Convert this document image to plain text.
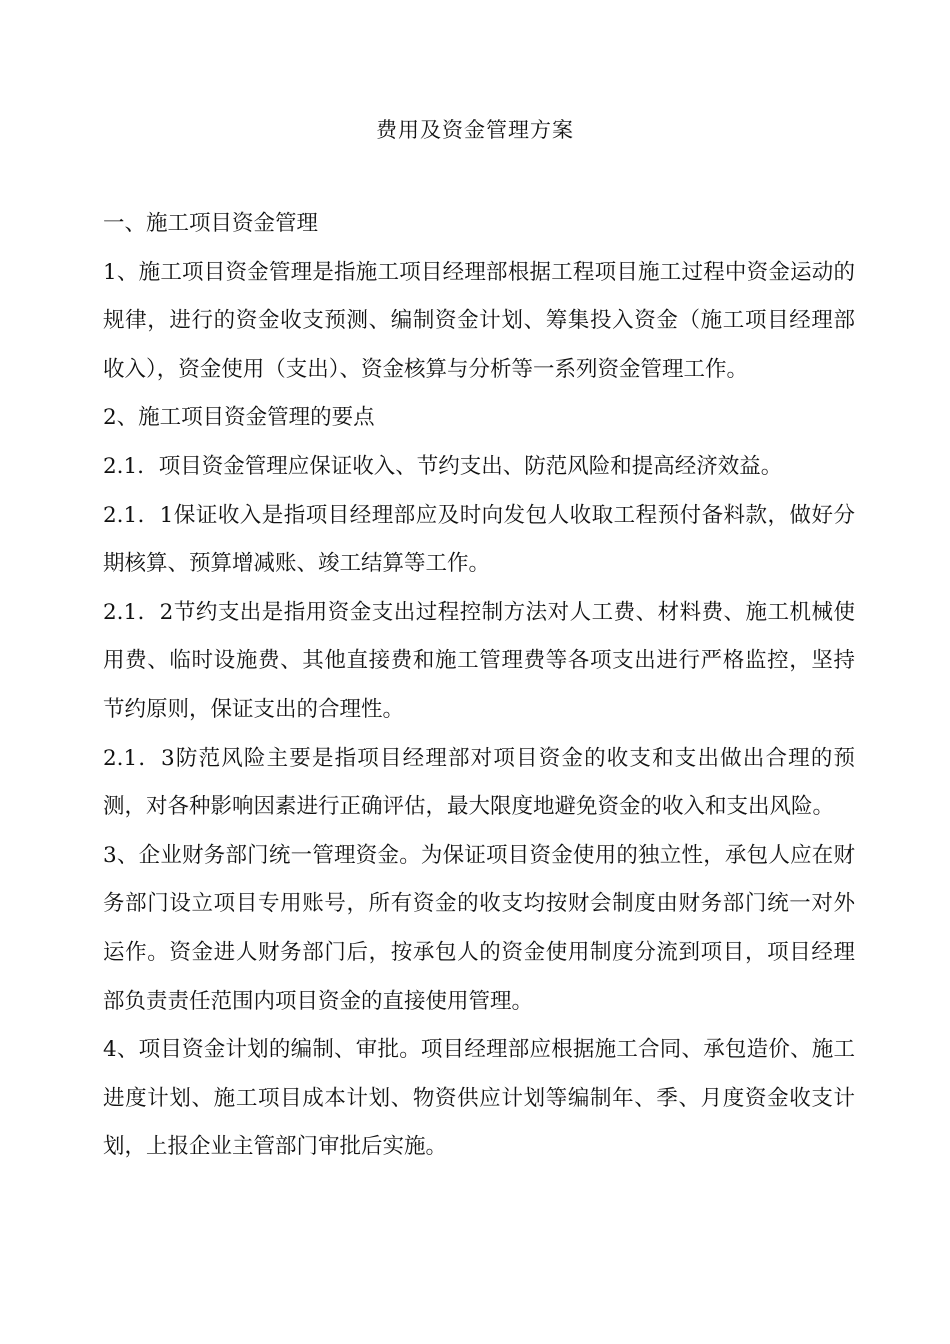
费用及资金管理方案

一、施工项目资金管理

1、施工项目资金管理是指施工项目经理部根据工程项目施工过程中资金运动的规律，进行的资金收支预测、编制资金计划、筹集投入资金（施工项目经理部收入），资金使用（支出）、资金核算与分析等一系列资金管理工作。

2、施工项目资金管理的要点

2.1．项目资金管理应保证收入、节约支出、防范风险和提高经济效益。

2.1．1保证收入是指项目经理部应及时向发包人收取工程预付备料款，做好分期核算、预算增减账、竣工结算等工作。

2.1．2节约支出是指用资金支出过程控制方法对人工费、材料费、施工机械使用费、临时设施费、其他直接费和施工管理费等各项支出进行严格监控，坚持节约原则，保证支出的合理性。

2.1．3防范风险主要是指项目经理部对项目资金的收支和支出做出合理的预测，对各种影响因素进行正确评估，最大限度地避免资金的收入和支出风险。

3、企业财务部门统一管理资金。为保证项目资金使用的独立性，承包人应在财务部门设立项目专用账号，所有资金的收支均按财会制度由财务部门统一对外运作。资金进人财务部门后，按承包人的资金使用制度分流到项目，项目经理部负责责任范围内项目资金的直接使用管理。

4、项目资金计划的编制、审批。项目经理部应根据施工合同、承包造价、施工进度计划、施工项目成本计划、物资供应计划等编制年、季、月度资金收支计划，上报企业主管部门审批后实施。
